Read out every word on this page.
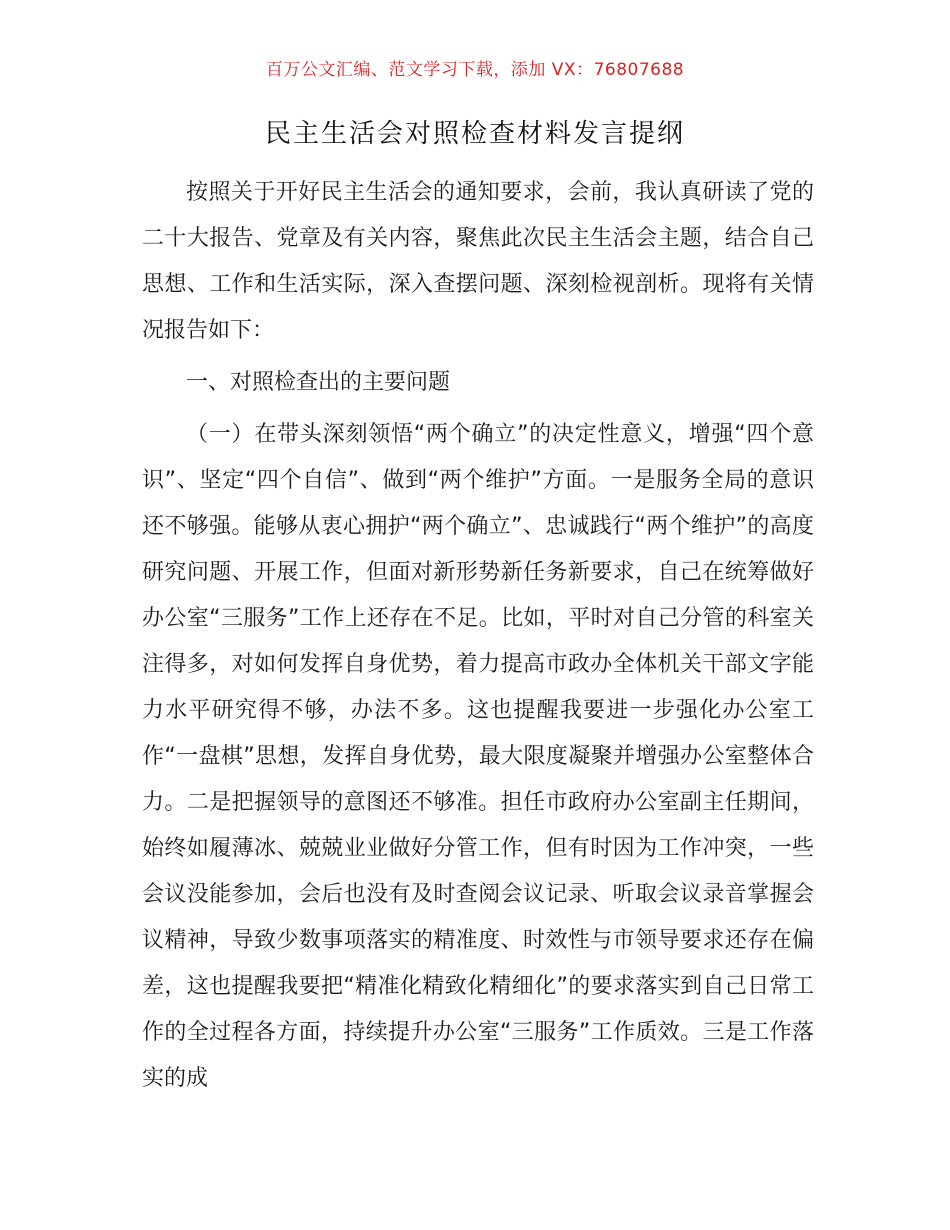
百万公文汇编、范文学习下载，添加 VX：76807688
民主生活会对照检查材料发言提纲

按照关于开好民主生活会的通知要求，会前，我认真研读了党的二十大报告、党章及有关内容，聚焦此次民主生活会主题，结合自己思想、工作和生活实际，深入查摆问题、深刻检视剖析。现将有关情况报告如下：

一、对照检查出的主要问题

（一）在带头深刻领悟“两个确立”的决定性意义，增强“四个意识”、坚定“四个自信”、做到“两个维护”方面。一是服务全局的意识还不够强。能够从衷心拥护“两个确立”、忠诚践行“两个维护”的高度研究问题、开展工作，但面对新形势新任务新要求，自己在统筹做好办公室“三服务”工作上还存在不足。比如，平时对自己分管的科室关注得多，对如何发挥自身优势，着力提高市政办全体机关干部文字能力水平研究得不够，办法不多。这也提醒我要进一步强化办公室工作“一盘棋”思想，发挥自身优势，最大限度凝聚并增强办公室整体合力。二是把握领导的意图还不够准。担任市政府办公室副主任期间，始终如履薄冰、兢兢业业做好分管工作，但有时因为工作冲突，一些会议没能参加，会后也没有及时查阅会议记录、听取会议录音掌握会议精神，导致少数事项落实的精准度、时效性与市领导要求还存在偏差，这也提醒我要把“精准化精致化精细化”的要求落实到自己日常工作的全过程各方面，持续提升办公室“三服务”工作质效。三是工作落实的成
